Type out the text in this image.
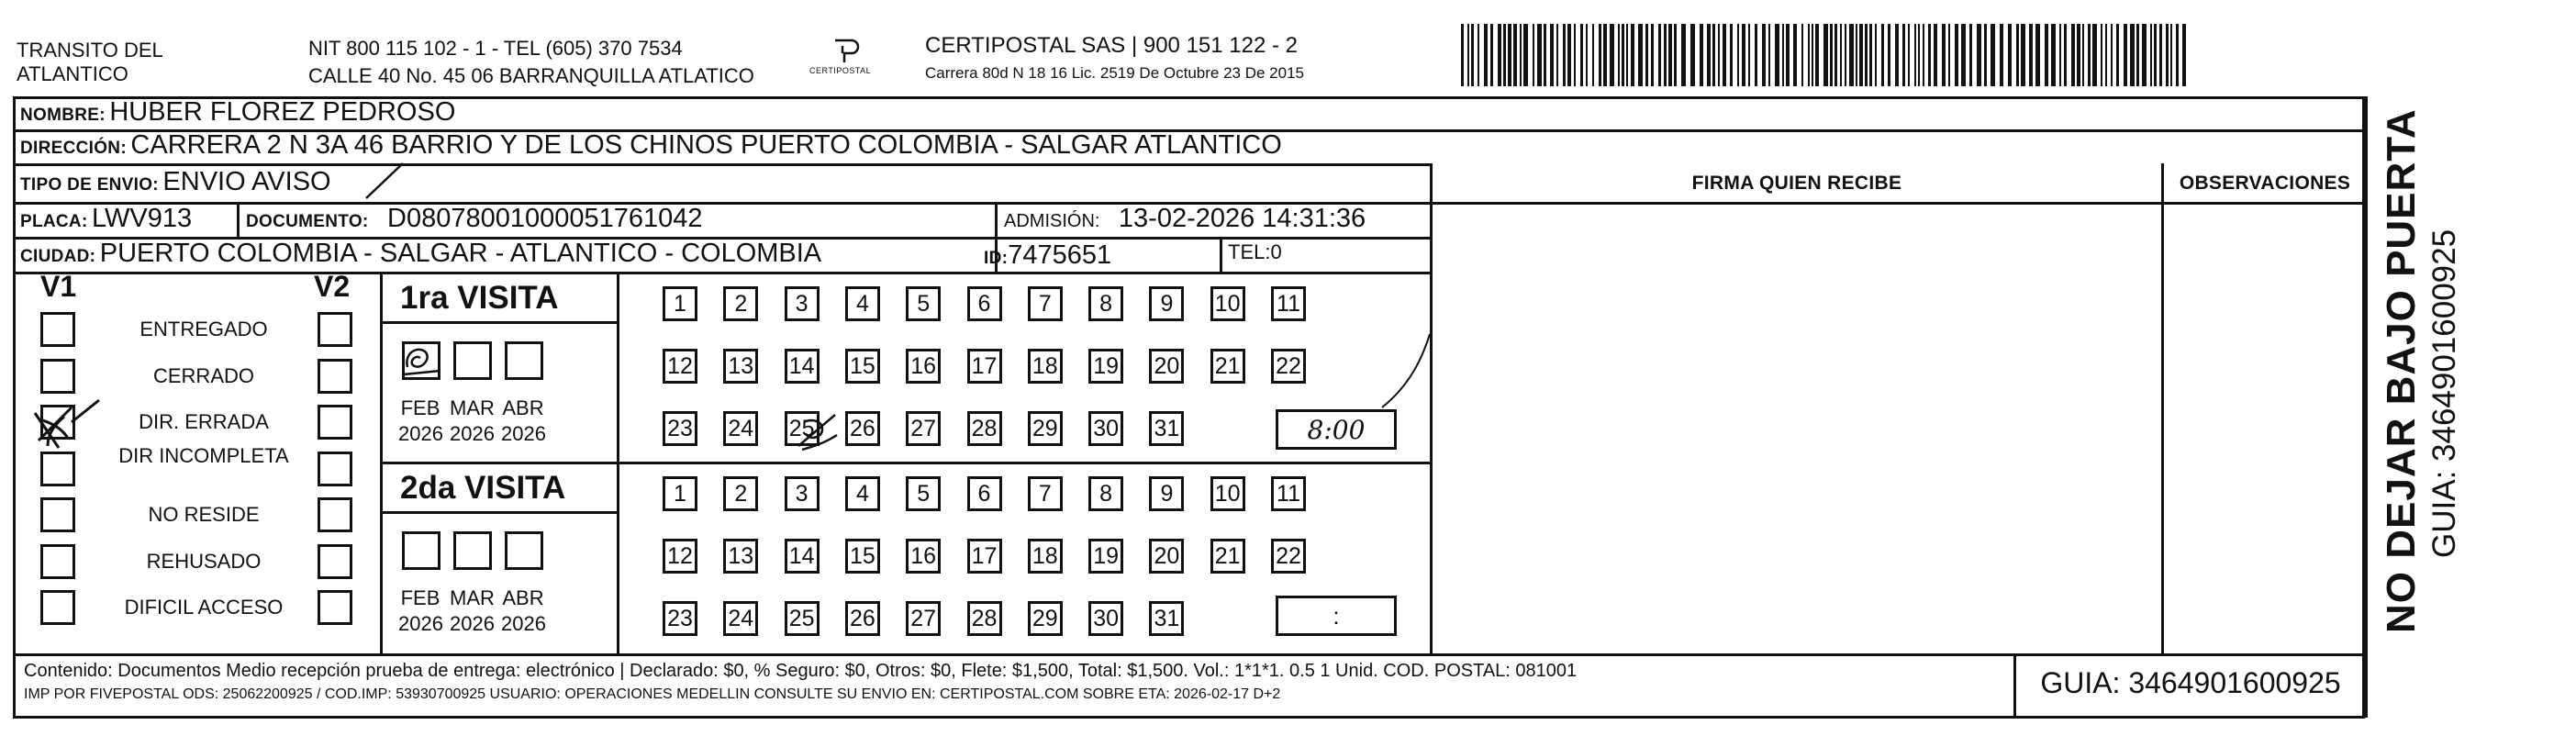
TRANSITO DEL
ATLANTICO
NIT 800 115 102 - 1 - TEL (605) 370 7534
CALLE 40 No. 45 06 BARRANQUILLA ATLATICO	CERTIPOSTAL
CERTIPOSTAL SAS | 900 151 122 - 2
Carrera 80d N 18 16 Lic. 2519 De Octubre 23 De 2015
NOMBRE: HUBER FLOREZ PEDROSO
DIRECCIÓN: CARRERA 2 N 3A 46 BARRIO Y DE LOS CHINOS PUERTO COLOMBIA - SALGAR ATLANTICO
TIPO DE ENVIO: ENVIO AVISO
PLACA: LWV913	DOCUMENTO: D08078001000051761042	ADMISIÓN: 13-02-2026 14:31:36
CIUDAD: PUERTO COLOMBIA - SALGAR - ATLANTICO - COLOMBIA	ID:7475651	TEL:0
FIRMA QUIEN RECIBE	OBSERVACIONES
V1	V2
ENTREGADO
CERRADO
DIR. ERRADA
DIR INCOMPLETA
NO RESIDE
REHUSADO
DIFICIL ACCESO
1ra VISITA
2da VISITA
FEB
2026
MAR
2026
ABR
2026
FEB
2026
MAR
2026
ABR
2026
1	2	3	4	5	6	7	8	9	10 11
12 13 14 15 16 17 18 19 20 21 22
23 24 25 26 27 28 29 30 31
1	2	3	4	5	6	7	8	9	10 11
12 13 14 15 16 17 18 19 20 21 22
23 24 25 26 27 28 29 30 31
8:00
:
Contenido: Documentos Medio recepción prueba de entrega: electrónico | Declarado: $0, % Seguro: $0, Otros: $0, Flete: $1,500, Total: $1,500. Vol.: 1*1*1. 0.5 1 Unid. COD. POSTAL: 081001
IMP POR FIVEPOSTAL ODS: 25062200925 / COD.IMP: 53930700925 USUARIO: OPERACIONES MEDELLIN CONSULTE SU ENVIO EN: CERTIPOSTAL.COM SOBRE ETA: 2026-02-17 D+2	GUIA: 3464901600925
NO DEJAR BAJO PUERTA GUIA: 3464901600925
